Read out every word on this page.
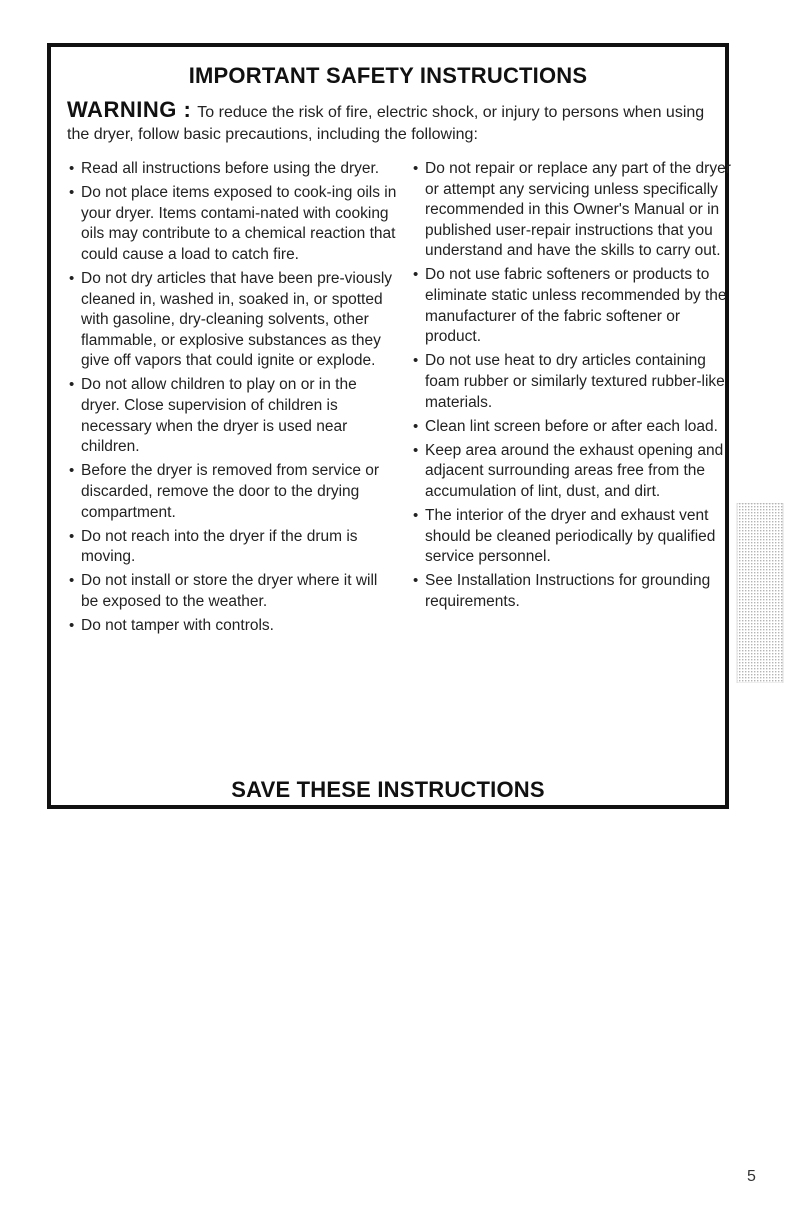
IMPORTANT SAFETY INSTRUCTIONS
WARNING : To reduce the risk of fire, electric shock, or injury to persons when using the dryer, follow basic precautions, including the following:
• Read all instructions before using the dryer.
• Do not place items exposed to cook-ing oils in your dryer. Items contami-nated with cooking oils may contribute to a chemical reaction that could cause a load to catch fire.
• Do not dry articles that have been pre-viously cleaned in, washed in, soaked in, or spotted with gasoline, dry-cleaning solvents, other flammable, or explosive substances as they give off vapors that could ignite or explode.
• Do not allow children to play on or in the dryer. Close supervision of children is necessary when the dryer is used near children.
• Before the dryer is removed from service or discarded, remove the door to the drying compartment.
• Do not reach into the dryer if the drum is moving.
• Do not install or store the dryer where it will be exposed to the weather.
• Do not tamper with controls.
• Do not repair or replace any part of the dryer or attempt any servicing unless specifically recommended in this Owner's Manual or in published user-repair instructions that you understand and have the skills to carry out.
• Do not use fabric softeners or products to eliminate static unless recommended by the manufacturer of the fabric softener or product.
• Do not use heat to dry articles containing foam rubber or similarly textured rubber-like materials.
• Clean lint screen before or after each load.
• Keep area around the exhaust opening and adjacent surrounding areas free from the accumulation of lint, dust, and dirt.
• The interior of the dryer and exhaust vent should be cleaned periodically by qualified service personnel.
• See Installation Instructions for grounding requirements.
SAVE THESE INSTRUCTIONS
5
